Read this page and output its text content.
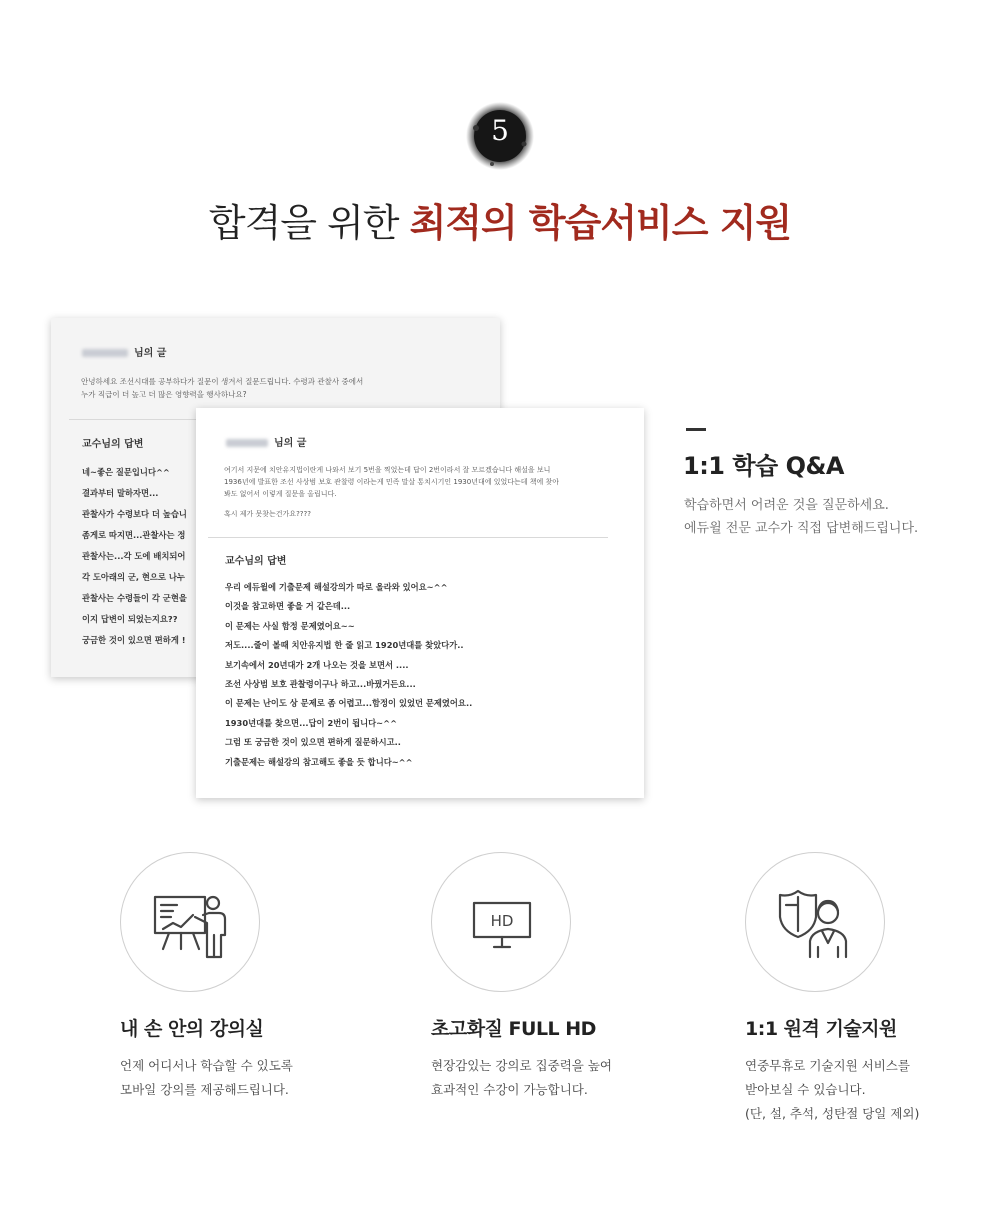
5
합격을 위한 최적의 학습서비스 지원
님의 글
안녕하세요 조선시대를 공부하다가 질문이 생겨서 질문드립니다. 수령과 관찰사 중에서
누가 직급이 더 높고 더 많은 영향력을 행사하나요?
교수님의 답변
네~좋은 질문입니다^^
결과부터 말하자면...
관찰사가 수령보다 더 높습니
좀게로 따지면...관찰사는 정
관찰사는...각 도에 배치되어
각 도아래의 군, 현으로 나누
관찰사는 수령들이 각 군현을
이지 답변이 되었는지요??
궁금한 것이 있으면 편하게 !
님의 글
여기서 지문에 치안유지법이란게 나와서 보기 5번을 찍었는데 답이 2번이라서 잘 모르겠습니다 해설을 보니
1936년에 발표한 조선 사상범 보호 관찰령 이라는게 민족 말살 통치시기인 1930년대에 있었다는데 책에 찾아
봐도 없어서 이렇게 질문을 올립니다.
혹시 제가 못찾는건가요????
교수님의 답변
우리 에듀윌에 기출문제 해설강의가 따로 올라와 있어요~^^
이것을 참고하면 좋을 거 같은데...
이 문제는 사실 함정 문제였어요~~
저도....줄이 볼때 치안유지법 한 줄 읽고 1920년대를 찾았다가..
보기속에서 20년대가 2개 나오는 것을 보면서 ....
조선 사상범 보호 관찰령이구나 하고...바꿨거든요...
이 문제는 난이도 상 문제로 좀 어렵고...함정이 있었던 문제였어요..
1930년대를 찾으면...답이 2번이 됩니다~^^
그럼 또 궁금한 것이 있으면 편하게 질문하시고..
기출문제는 해설강의 참고해도 좋을 듯 합니다~^^
1:1 학습 Q&A
학습하면서 어려운 것을 질문하세요.
에듀윌 전문 교수가 직접 답변해드립니다.
내 손 안의 강의실
언제 어디서나 학습할 수 있도록
모바일 강의를 제공해드립니다.
HD
초고화질 FULL HD
현장감있는 강의로 집중력을 높여
효과적인 수강이 가능합니다.
1:1 원격 기술지원
연중무휴로 기술지원 서비스를
받아보실 수 있습니다.
(단, 설, 추석, 성탄절 당일 제외)
